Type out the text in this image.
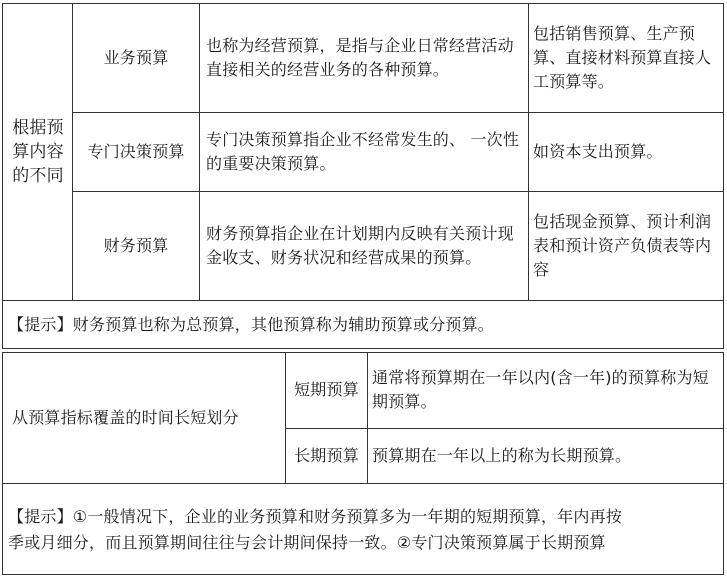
根据预算内容的不同
业务预算
也称为经营预算，是指与企业日常经营活动直接相关的经营业务的各种预算。
包括销售预算、生产预算、直接材料预算直接人工预算等。
专门决策预算
专门决策预算指企业不经常发生的、 一次性的重要决策预算。
如资本支出预算。
财务预算
财务预算指企业在计划期内反映有关预计现金收支、财务状况和经营成果的预算。
包括现金预算、预计利润表和预计资产负债表等内容
【提示】财务预算也称为总预算，其他预算称为辅助预算或分预算。
从预算指标覆盖的时间长短划分
短期预算
通常将预算期在一年以内(含一年)的预算称为短期预算。
长期预算 预算期在一年以上的称为长期预算。
【提示】①一般情况下，企业的业务预算和财务预算多为一年期的短期预算，年内再按
季或月细分，而且预算期间往往与会计期间保持一致。②专门决策预算属于长期预算
